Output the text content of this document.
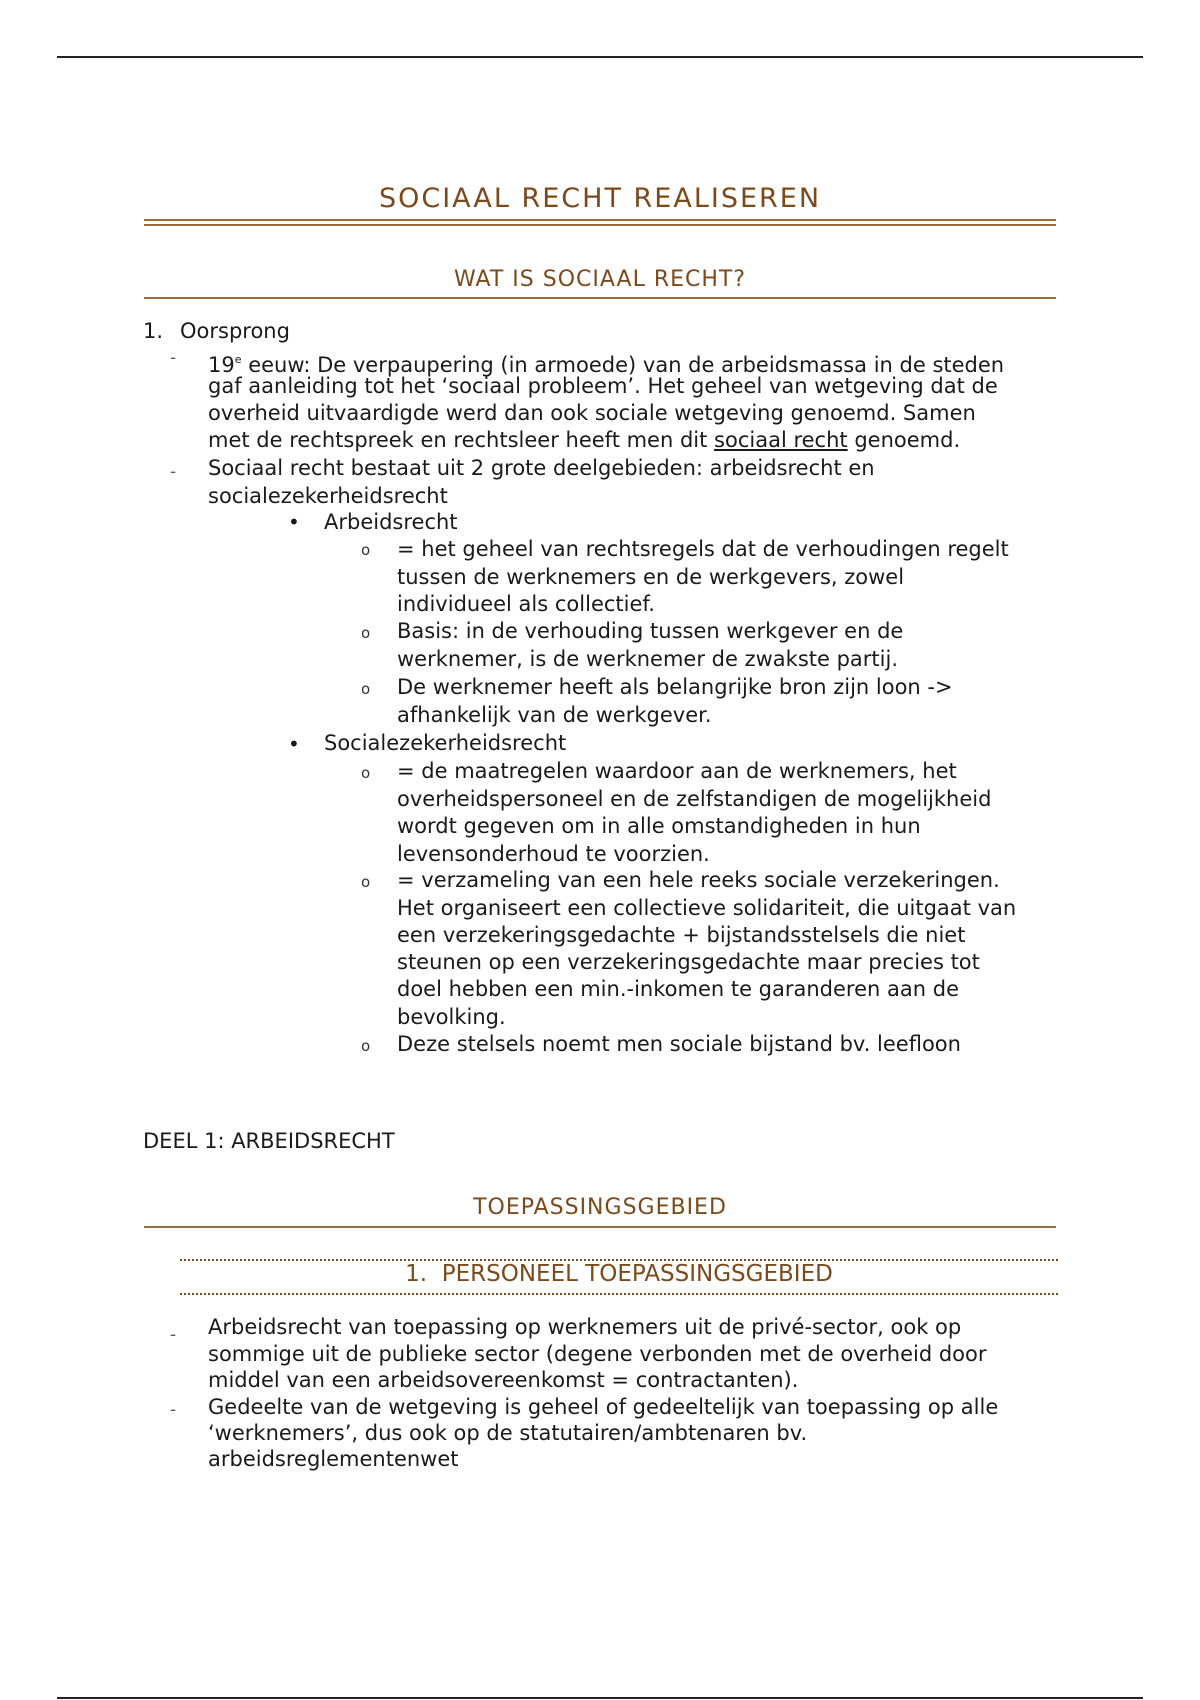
SOCIAAL RECHT REALISEREN
WAT IS SOCIAAL RECHT?
1. Oorsprong
- 19e eeuw: De verpaupering (in armoede) van de arbeidsmassa in de steden
gaf aanleiding tot het ‘sociaal probleem’. Het geheel van wetgeving dat de
overheid uitvaardigde werd dan ook sociale wetgeving genoemd. Samen
met de rechtspreek en rechtsleer heeft men dit sociaal recht genoemd.
- Sociaal recht bestaat uit 2 grote deelgebieden: arbeidsrecht en
socialezekerheidsrecht
• Arbeidsrecht
o = het geheel van rechtsregels dat de verhoudingen regelt
tussen de werknemers en de werkgevers, zowel
individueel als collectief.
o Basis: in de verhouding tussen werkgever en de
werknemer, is de werknemer de zwakste partij.
o De werknemer heeft als belangrijke bron zijn loon ->
afhankelijk van de werkgever.
• Socialezekerheidsrecht
o = de maatregelen waardoor aan de werknemers, het
overheidspersoneel en de zelfstandigen de mogelijkheid
wordt gegeven om in alle omstandigheden in hun
levensonderhoud te voorzien.
o = verzameling van een hele reeks sociale verzekeringen.
Het organiseert een collectieve solidariteit, die uitgaat van
een verzekeringsgedachte + bijstandsstelsels die niet
steunen op een verzekeringsgedachte maar precies tot
doel hebben een min.-inkomen te garanderen aan de
bevolking.
o Deze stelsels noemt men sociale bijstand bv. leefloon
DEEL 1: ARBEIDSRECHT
TOEPASSINGSGEBIED
1. PERSONEEL TOEPASSINGSGEBIED
- Arbeidsrecht van toepassing op werknemers uit de privé-sector, ook op
sommige uit de publieke sector (degene verbonden met de overheid door
middel van een arbeidsovereenkomst = contractanten).
- Gedeelte van de wetgeving is geheel of gedeeltelijk van toepassing op alle
‘werknemers’, dus ook op de statutairen/ambtenaren bv.
arbeidsreglementenwet
